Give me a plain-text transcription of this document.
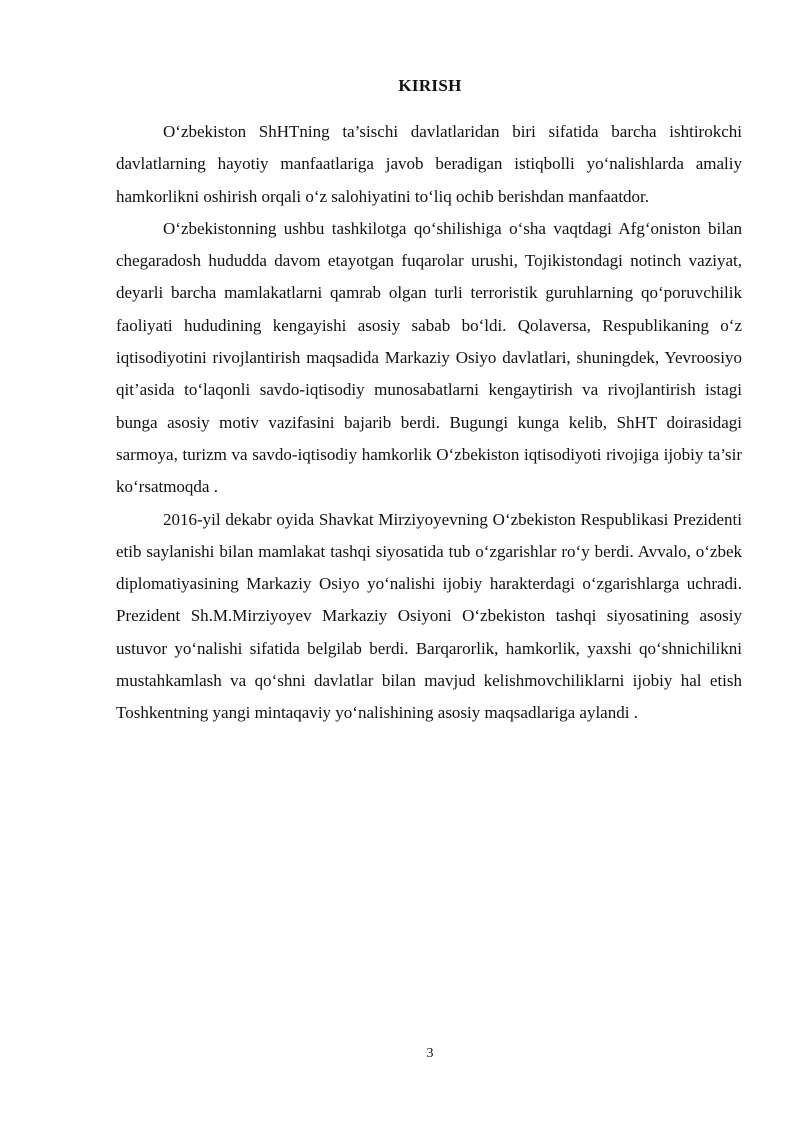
KIRISH

O‘zbekiston ShHTning ta’sischi davlatlaridan biri sifatida barcha ishtirokchi davlatlarning hayotiy manfaatlariga javob beradigan istiqbolli yo‘nalishlarda amaliy hamkorlikni oshirish orqali o‘z salohiyatini to‘liq ochib berishdan manfaatdor.

O‘zbekistonning ushbu tashkilotga qo‘shilishiga o‘sha vaqtdagi Afg‘oniston bilan chegaradosh hududda davom etayotgan fuqarolar urushi, Tojikistondagi notinch vaziyat, deyarli barcha mamlakatlarni qamrab olgan turli terroristik guruhlarning qo‘poruvchilik faoliyati hududining kengayishi asosiy sabab bo‘ldi. Qolaversa, Respublikaning o‘z iqtisodiyotini rivojlantirish maqsadida Markaziy Osiyo davlatlari, shuningdek, Yevroosiyo qit’asida to‘laqonli savdo-iqtisodiy munosabatlarni kengaytirish va rivojlantirish istagi bunga asosiy motiv vazifasini bajarib berdi. Bugungi kunga kelib, ShHT doirasidagi sarmoya, turizm va savdo-iqtisodiy hamkorlik O‘zbekiston iqtisodiyoti rivojiga ijobiy ta’sir ko‘rsatmoqda .

2016-yil dekabr oyida Shavkat Mirziyoyevning O‘zbekiston Respublikasi Prezidenti etib saylanishi bilan mamlakat tashqi siyosatida tub o‘zgarishlar ro‘y berdi. Avvalo, o‘zbek diplomatiyasining Markaziy Osiyo yo‘nalishi ijobiy harakterdagi o‘zgarishlarga uchradi. Prezident Sh.M.Mirziyoyev Markaziy Osiyoni O‘zbekiston tashqi siyosatining asosiy ustuvor yo‘nalishi sifatida belgilab berdi. Barqarorlik, hamkorlik, yaxshi qo‘shnichilikni mustahkamlash va qo‘shni davlatlar bilan mavjud kelishmovchiliklarni ijobiy hal etish Toshkentning yangi mintaqaviy yo‘nalishining asosiy maqsadlariga aylandi .

3
